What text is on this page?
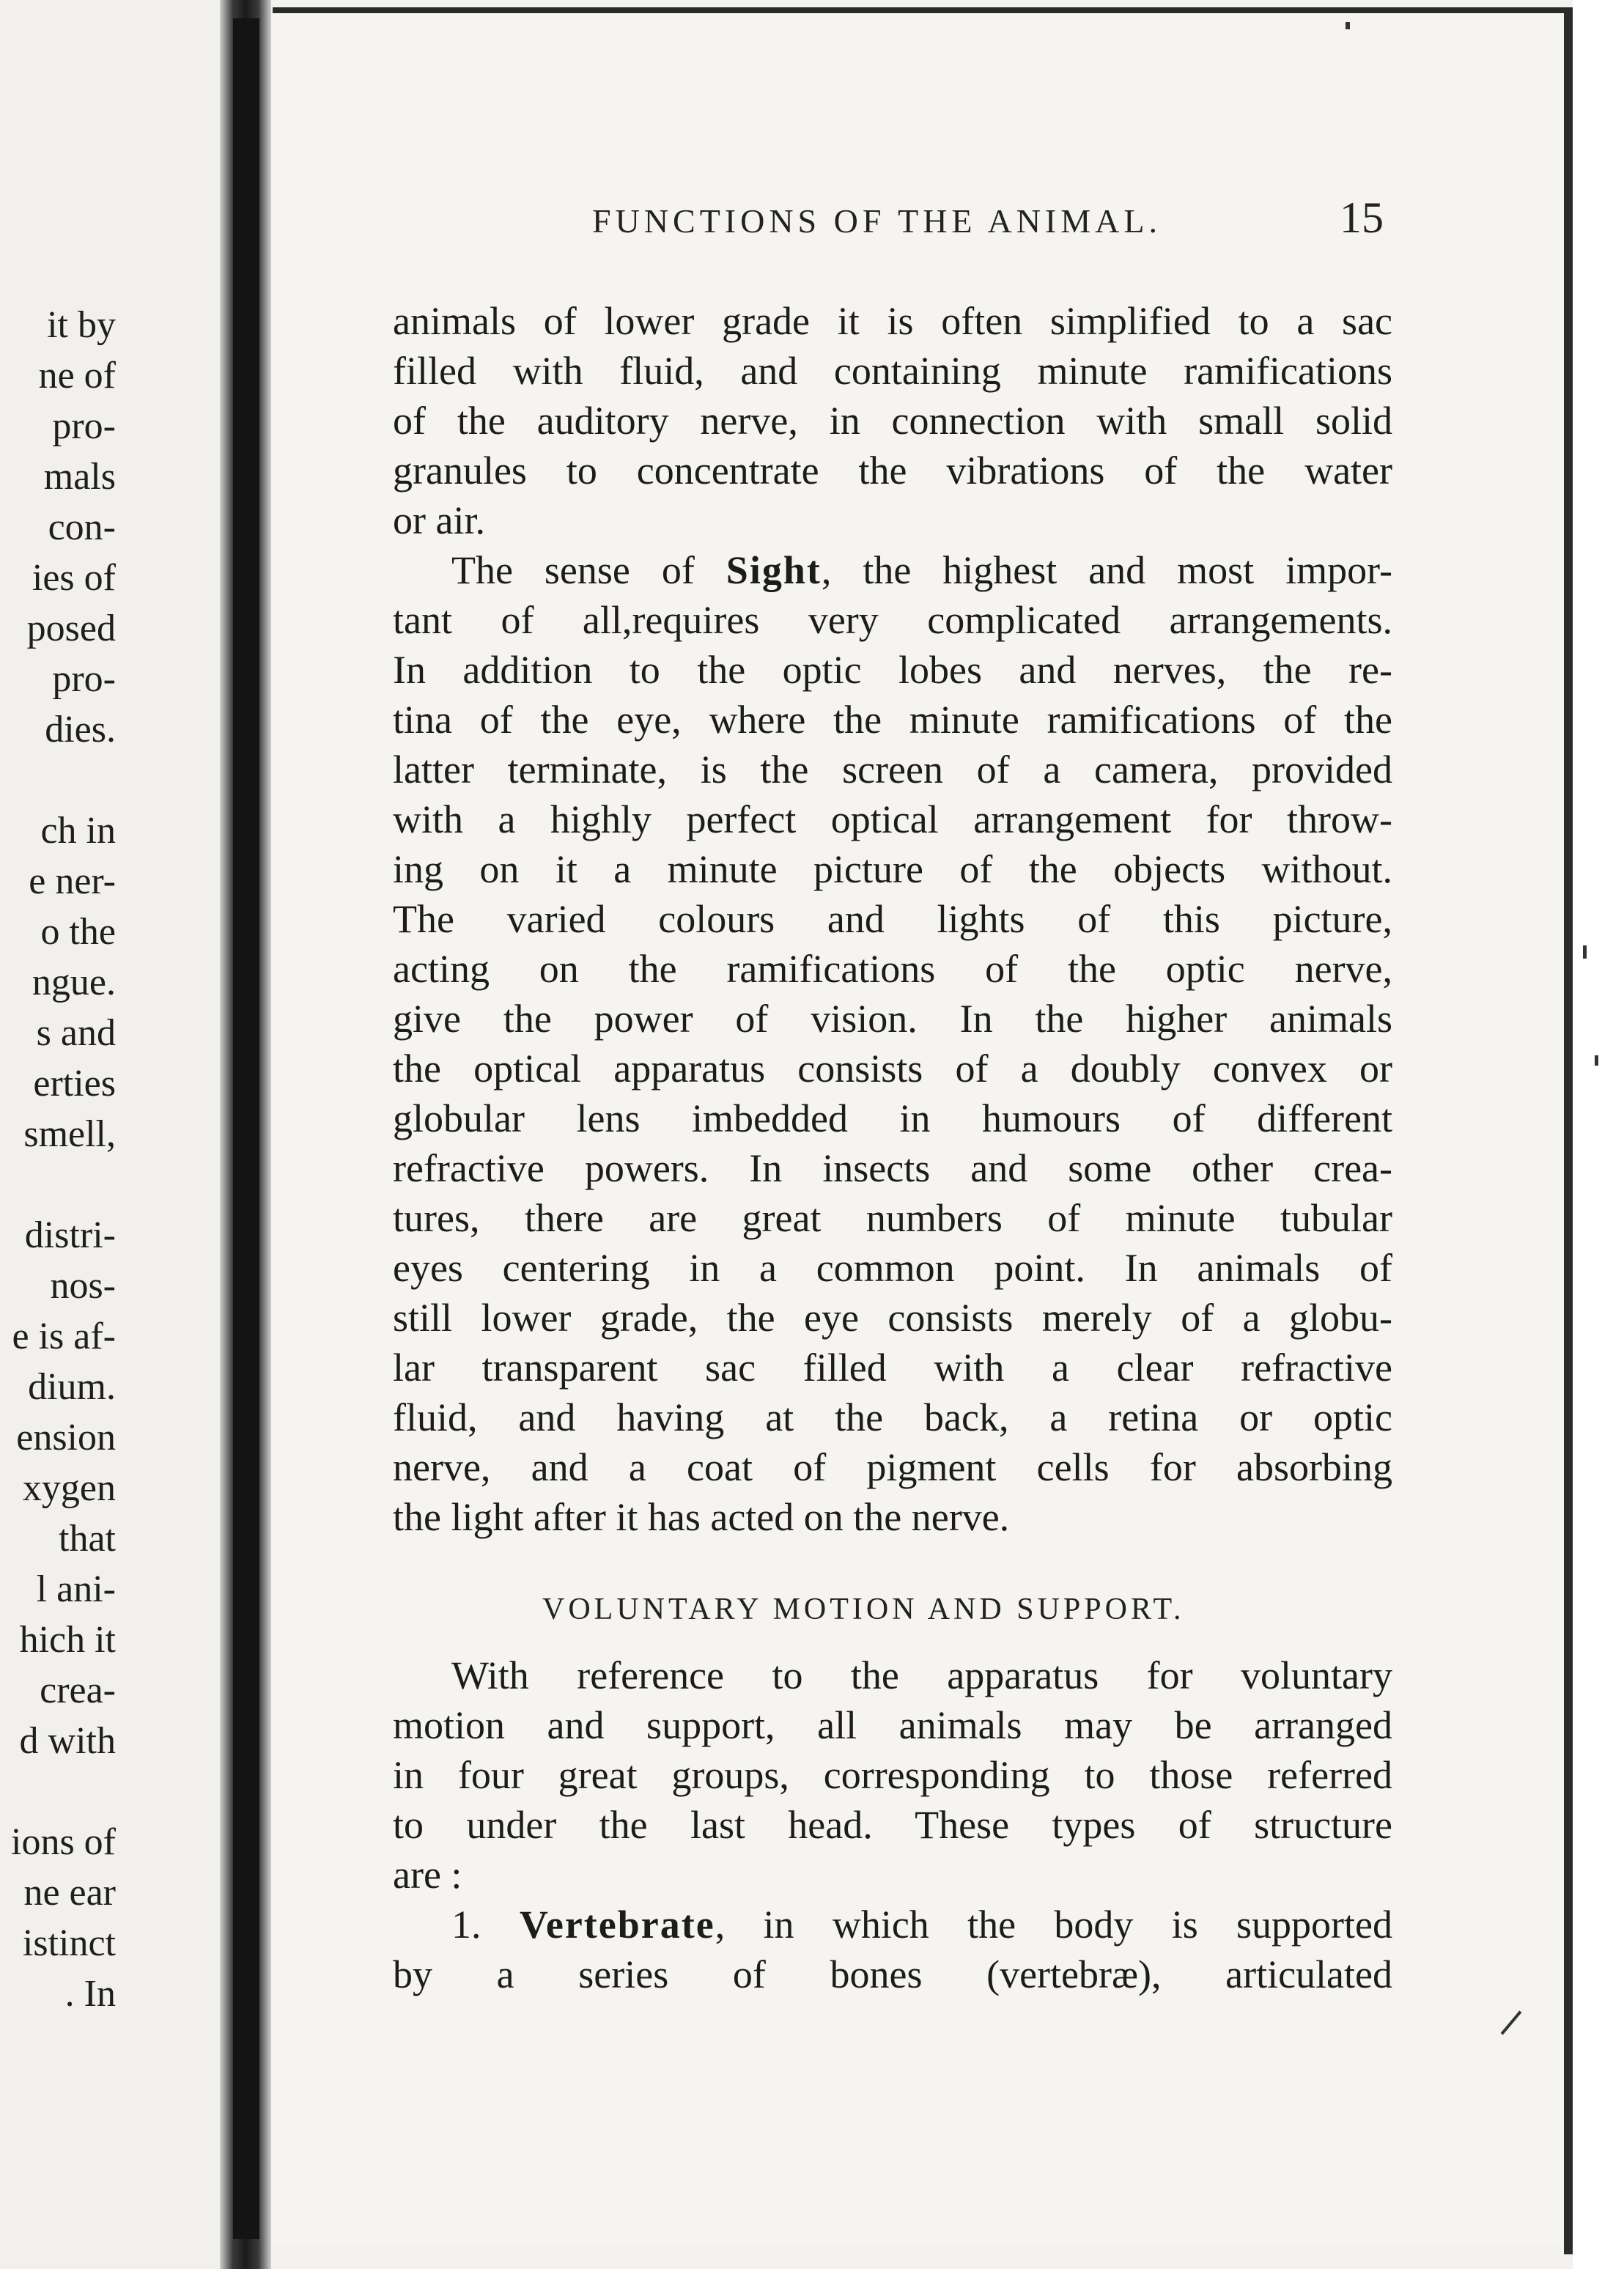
it by
ne of
pro-
mals
con-
ies of
posed
pro-
dies.
ch in
e ner-
o the
ngue.
s and
erties
smell,
distri-
nos-
e is af-
dium.
ension
xygen
that
l ani-
hich it
crea-
d with
ions of
ne ear
istinct
. In
FUNCTIONS OF THE ANIMAL.	15
animals of lower grade it is often simplified to a sac
filled with fluid, and containing minute ramifications
of the auditory nerve, in connection with small solid
granules to concentrate the vibrations of the water
or air.
The sense of Sight, the highest and most impor-
tant of all,requires very complicated arrangements.
In addition to the optic lobes and nerves, the re-
tina of the eye, where the minute ramifications of the
latter terminate, is the screen of a camera, provided
with a highly perfect optical arrangement for throw-
ing on it a minute picture of the objects without.
The varied colours and lights of this picture,
acting on the ramifications of the optic nerve,
give the power of vision. In the higher animals
the optical apparatus consists of a doubly convex or
globular lens imbedded in humours of different
refractive powers. In insects and some other crea-
tures, there are great numbers of minute tubular
eyes centering in a common point. In animals of
still lower grade, the eye consists merely of a globu-
lar transparent sac filled with a clear refractive
fluid, and having at the back, a retina or optic
nerve, and a coat of pigment cells for absorbing
the light after it has acted on the nerve.
VOLUNTARY MOTION AND SUPPORT.
With reference to the apparatus for voluntary
motion and support, all animals may be arranged
in four great groups, corresponding to those referred
to under the last head. These types of structure
are :
1. Vertebrate, in which the body is supported
by a series of bones (vertebræ), articulated
